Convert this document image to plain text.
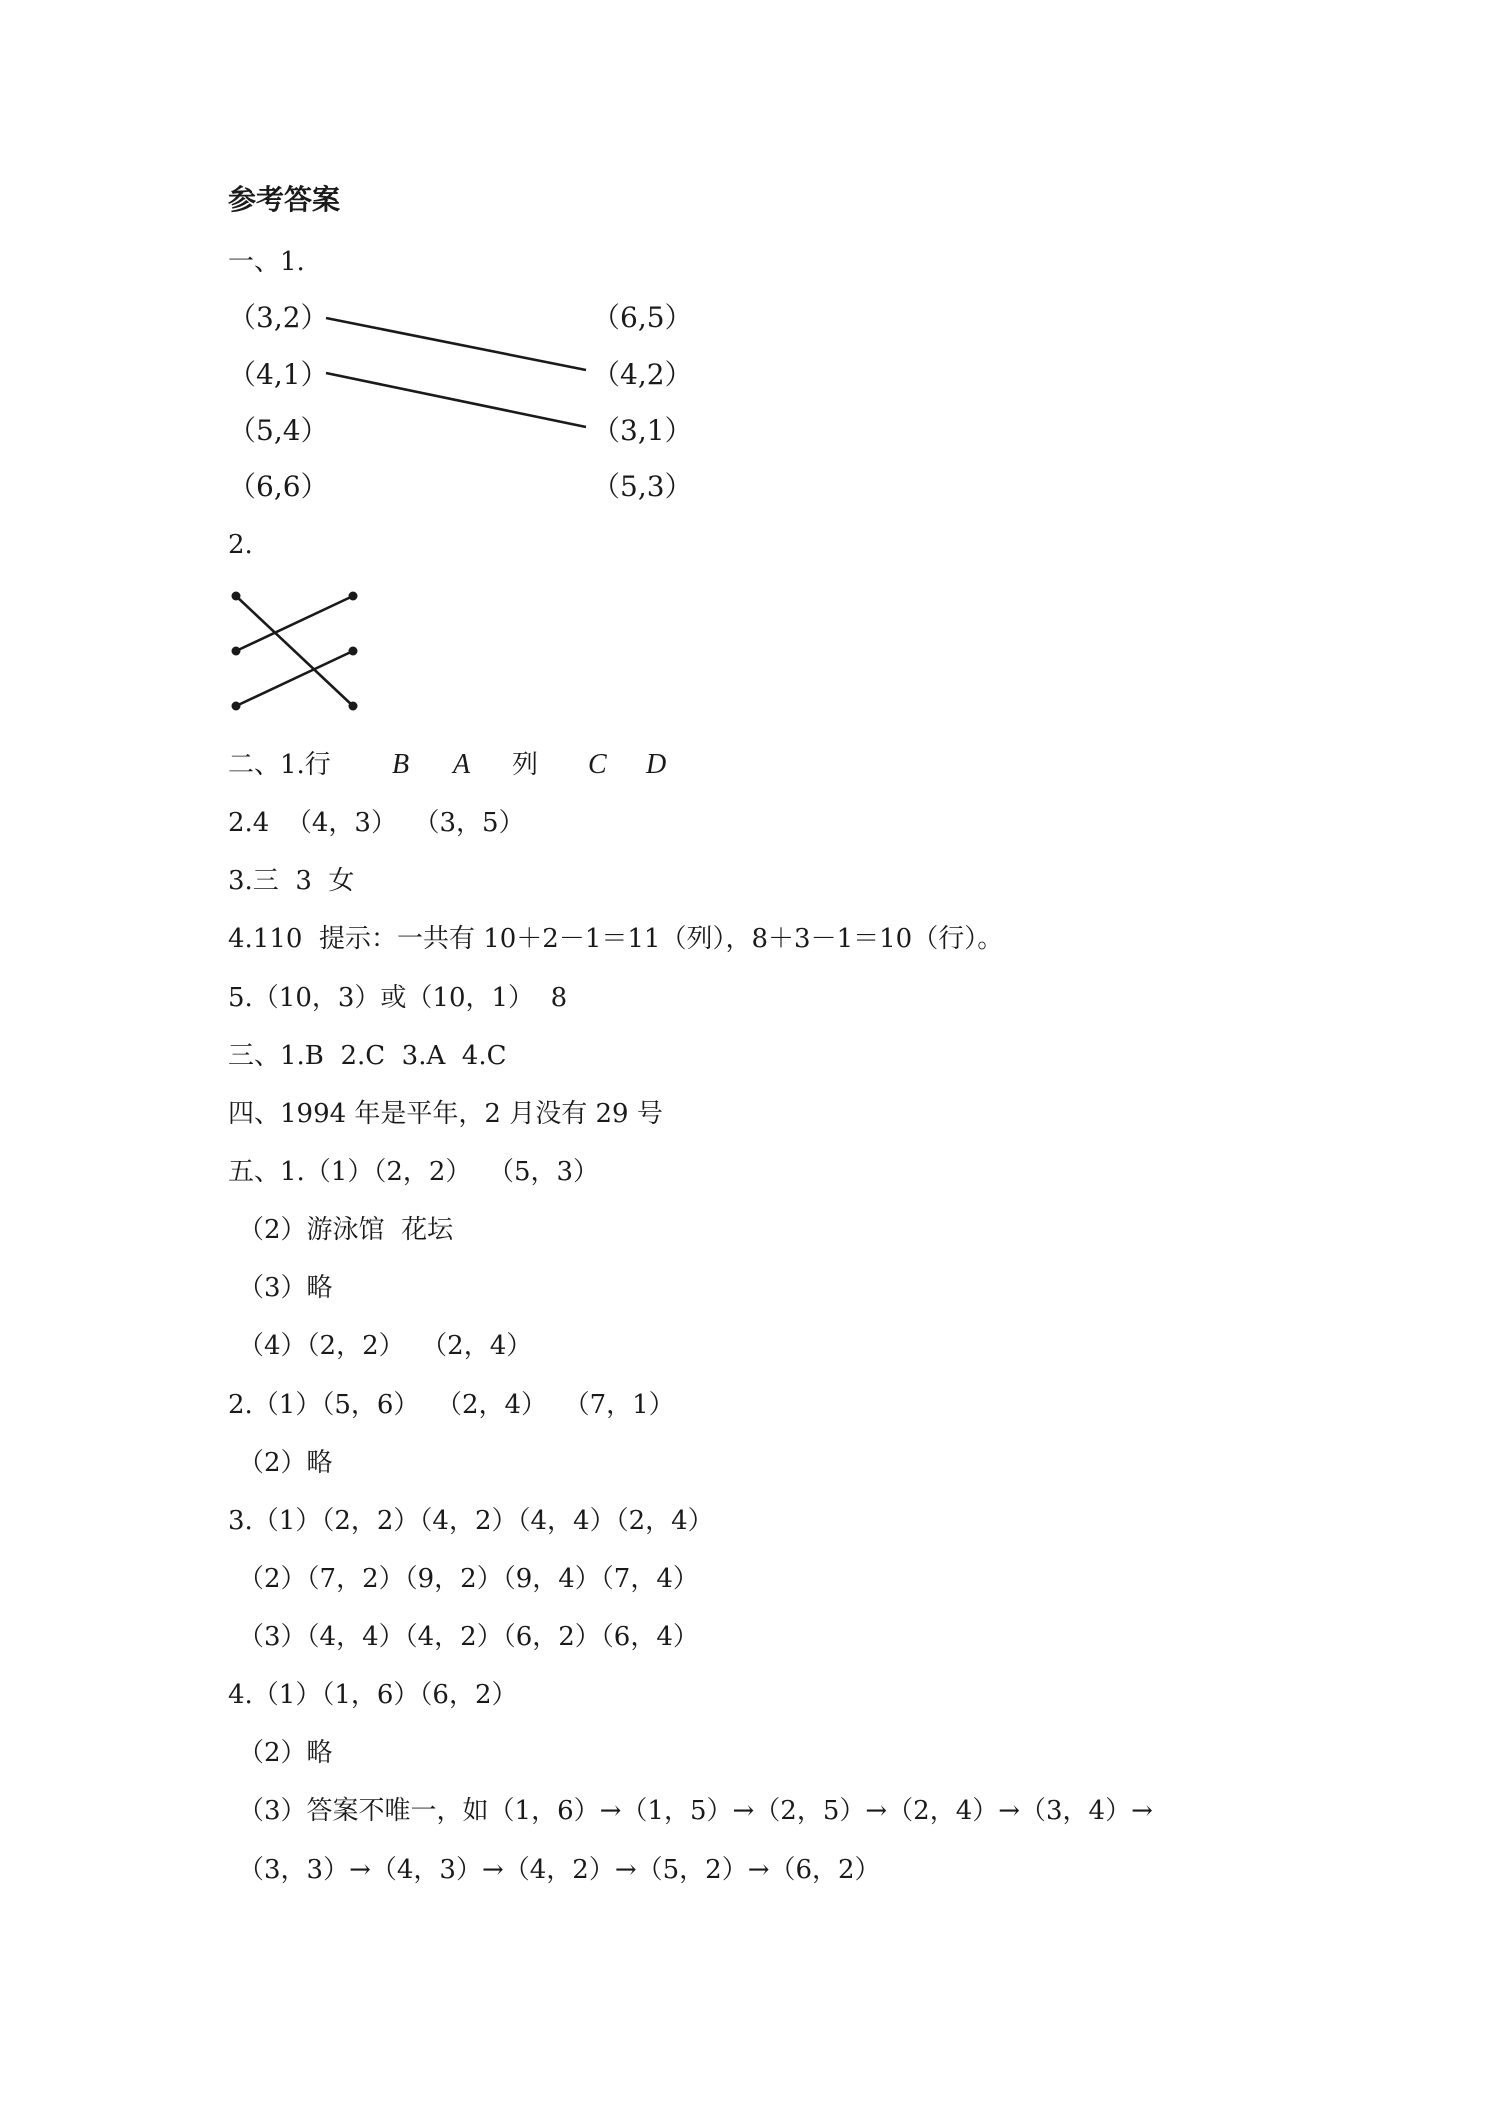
参考答案
一、1.
（3,2）
（4,1）
（5,4）
（6,6）
（6,5）
（4,2）
（3,1）
（5,3）
2.
二、1.行 B A 列 C D
2.4  （4，3）  （3，5）
3.三  3  女
4.110  提示：一共有 10＋2－1＝11（列），8＋3－1＝10（行）。
5.（10，3）或（10，1）  8
三、1.B  2.C  3.A  4.C
四、1994 年是平年，2 月没有 29 号
五、1.（1）（2，2）  （5，3）
（2）游泳馆  花坛
（3）略
（4）（2，2）  （2，4）
2.（1）（5，6）  （2，4）  （7，1）
（2）略
3.（1）（2，2）（4，2）（4，4）（2，4）
（2）（7，2）（9，2）（9，4）（7，4）
（3）（4，4）（4，2）（6，2）（6，4）
4.（1）（1，6）（6，2）
（2）略
（3）答案不唯一，如（1，6）→（1，5）→（2，5）→（2，4）→（3，4）→
（3，3）→（4，3）→（4，2）→（5，2）→（6，2）
